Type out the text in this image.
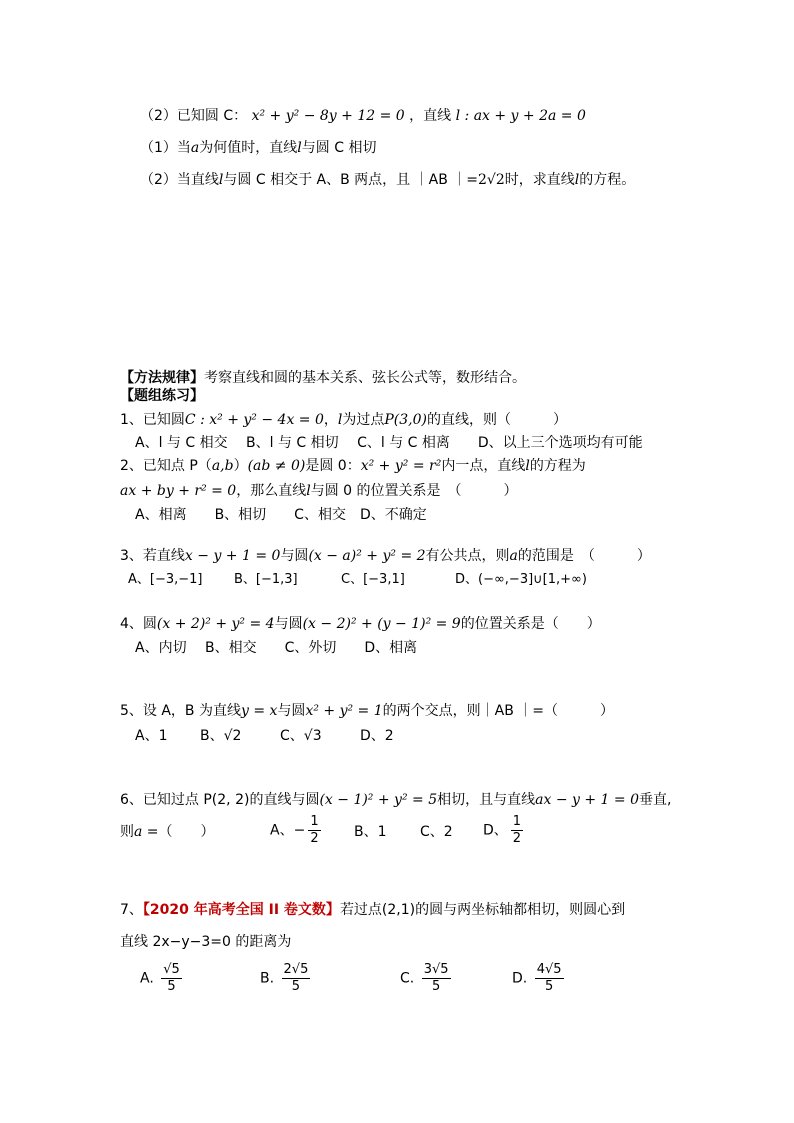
（2）已知圆 C： x² + y² − 8y + 12 = 0 ，直线 l : ax + y + 2a = 0
（1）当a为何值时，直线l与圆 C 相切
（2）当直线l与圆 C 相交于 A、B 两点，且 ｜AB ｜=2√2时，求直线l的方程。
【方法规律】考察直线和圆的基本关系、弦长公式等，数形结合。
【题组练习】
1、已知圆C : x² + y² − 4x = 0，l为过点P(3,0)的直线，则（　　　）
A、l 与 C 相交　 B、l 与 C 相切　 C、l 与 C 相离　　D、以上三个选项均有可能
2、已知点 P（a,b）(ab ≠ 0)是圆 0：x² + y² = r²内一点，直线l的方程为
ax + by + r² = 0，那么直线l与圆 0 的位置关系是　（　　　）
A、相离　　B、相切　　C、相交　D、不确定
3、若直线x − y + 1 = 0与圆(x − a)² + y² = 2有公共点，则a的范围是　（　　　）
A、[−3,−1] B、[−1,3]	C、[−3,1]	D、(−∞,−3]∪[1,+∞)
4、圆(x + 2)² + y² = 4与圆(x − 2)² + (y − 1)² = 9的位置关系是（　　）
A、内切　 B、相交　　C、外切　　D、相离
5、设 A，B 为直线y = x与圆x² + y² = 1的两个交点，则｜AB ｜=（　　　）
A、1 B、√2	C、√3	D、2
6、已知过点 P(2, 2)的直线与圆(x − 1)² + y² = 5相切，且与直线ax − y + 1 = 0垂直,
则a =（　　）	A、− $\frac{1}{2}$ B、1 C、2 D、 $\frac{1}{2}$
7、【2020 年高考全国 II 卷文数】若过点(2,1)的圆与两坐标轴都相切，则圆心到
直线 2x−y−3=0 的距离为
A. $\frac{√5}{5}$	B. $\frac{2√5}{5}$	C. $\frac{3√5}{5}$	D. $\frac{4√5}{5}$
